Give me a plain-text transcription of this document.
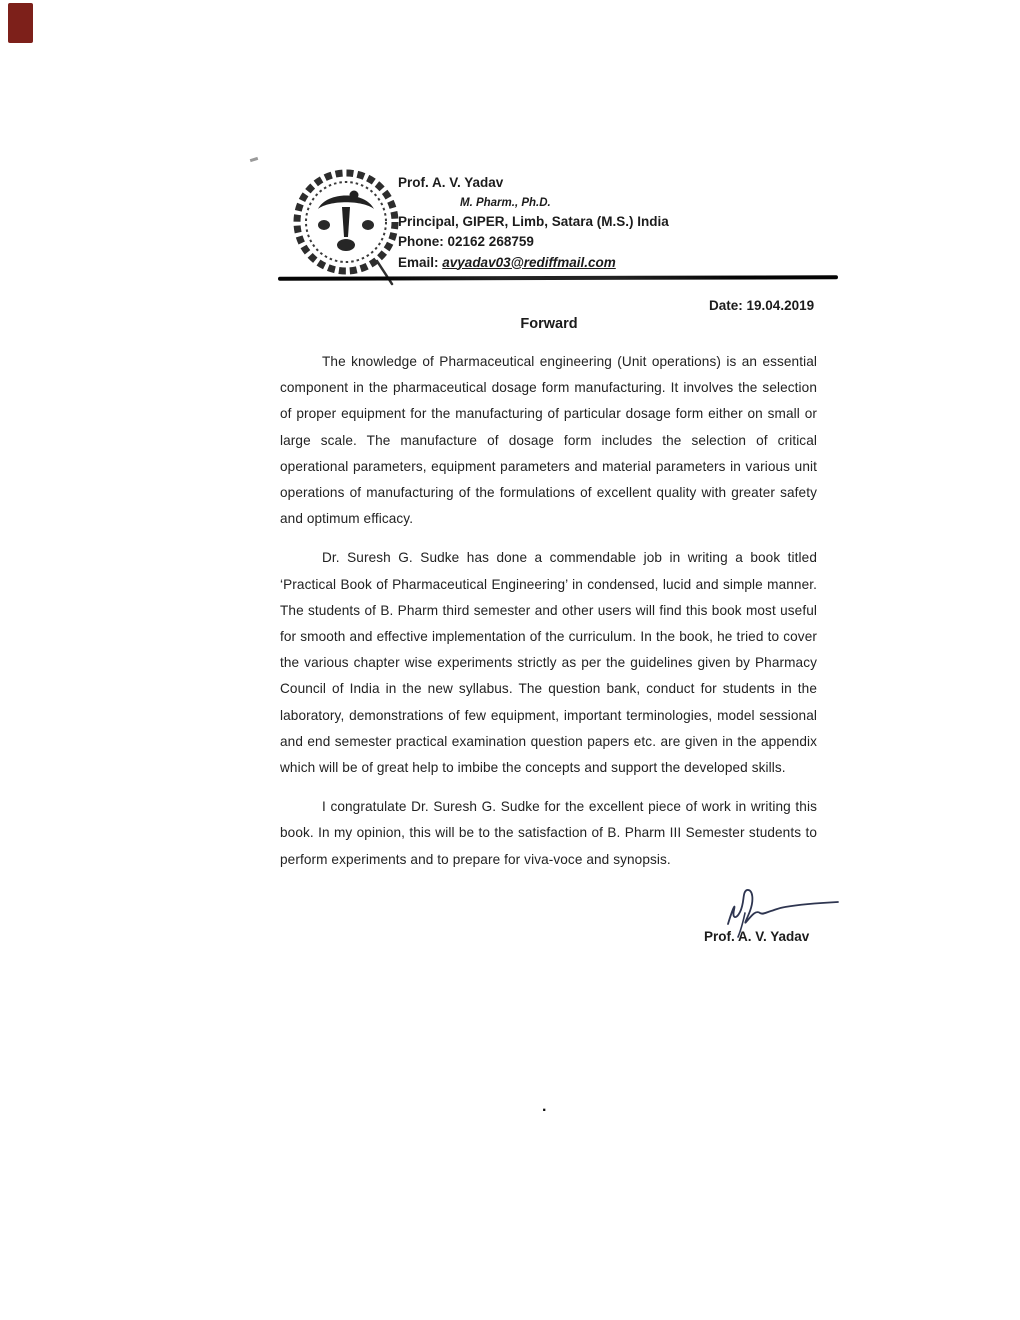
Prof. A. V. Yadav
M. Pharm., Ph.D.
Principal, GIPER, Limb, Satara (M.S.) India
Phone: 02162 268759
Email: avyadav03@rediffmail.com
Date: 19.04.2019
Forward

The knowledge of Pharmaceutical engineering (Unit operations) is an essential component in the pharmaceutical dosage form manufacturing. It involves the selection of proper equipment for the manufacturing of particular dosage form either on small or large scale. The manufacture of dosage form includes the selection of critical operational parameters, equipment parameters and material parameters in various unit operations of manufacturing of the formulations of excellent quality with greater safety and optimum efficacy.

Dr. Suresh G. Sudke has done a commendable job in writing a book titled ‘Practical Book of Pharmaceutical Engineering’ in condensed, lucid and simple manner. The students of B. Pharm third semester and other users will find this book most useful for smooth and effective implementation of the curriculum. In the book, he tried to cover the various chapter wise experiments strictly as per the guidelines given by Pharmacy Council of India in the new syllabus. The question bank, conduct for students in the laboratory, demonstrations of few equipment, important terminologies, model sessional and end semester practical examination question papers etc. are given in the appendix which will be of great help to imbibe the concepts and support the developed skills.

I congratulate Dr. Suresh G. Sudke for the excellent piece of work in writing this book. In my opinion, this will be to the satisfaction of B. Pharm III Semester students to perform experiments and to prepare for viva-voce and synopsis.

Prof. A. V. Yadav
.
